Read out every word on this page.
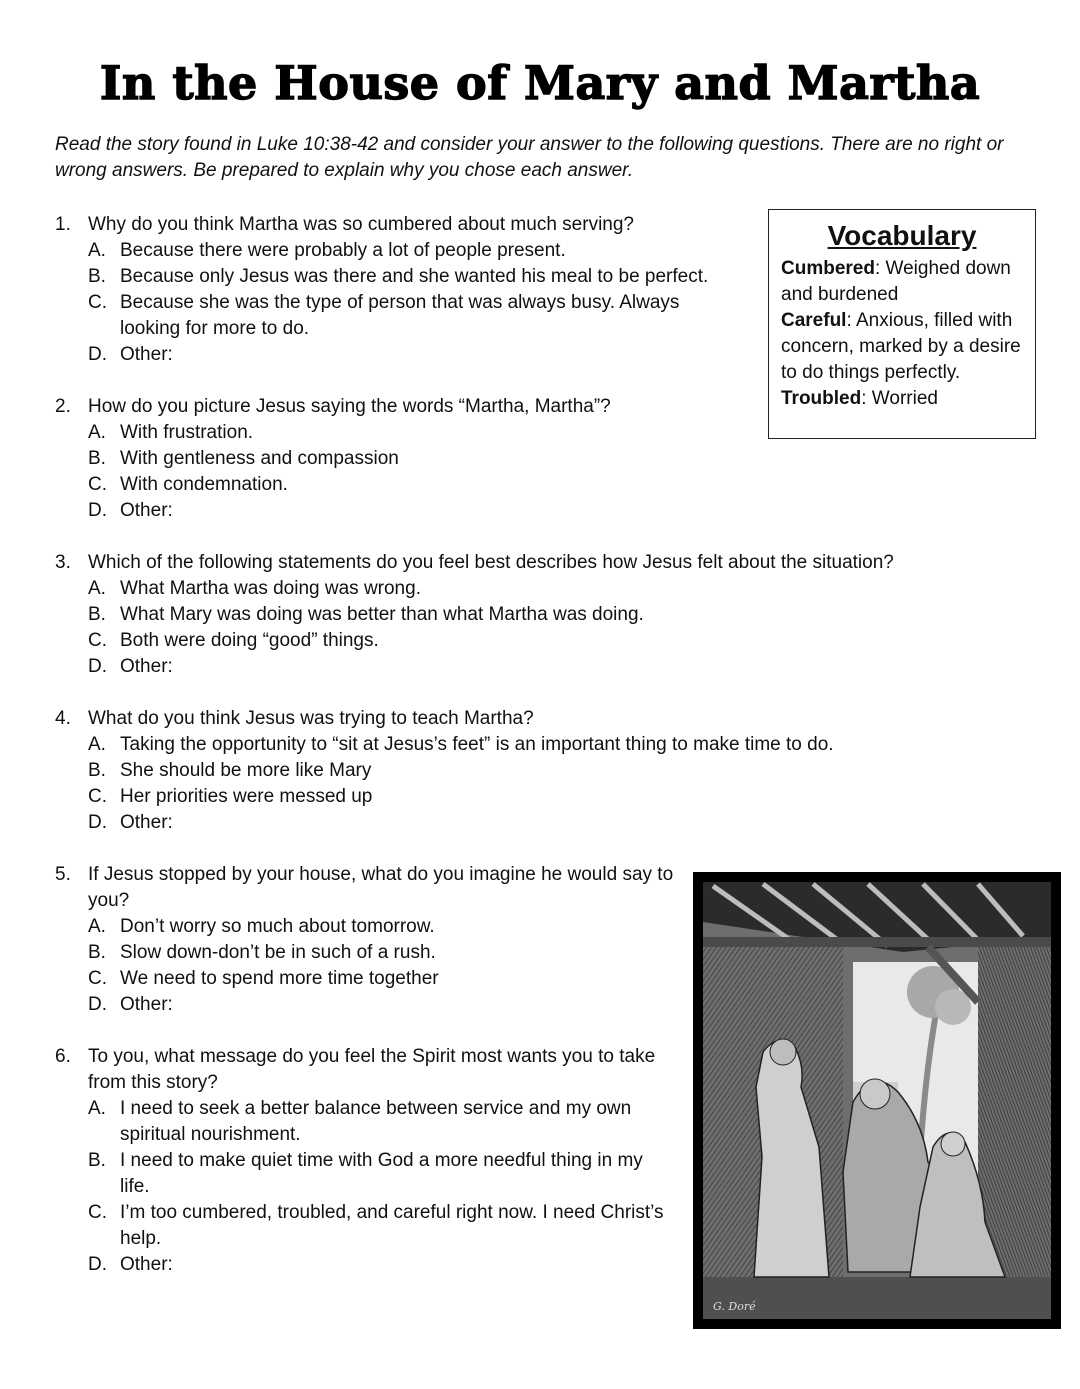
In the House of Mary and Martha
Read the story found in Luke 10:38-42 and consider your answer to the following questions. There are no right or wrong answers. Be prepared to explain why you chose each answer.
Vocabulary
Cumbered: Weighed down and burdened
Careful: Anxious, filled with concern, marked by a desire to do things perfectly.
Troubled: Worried
1. Why do you think Martha was so cumbered about much serving?
A. Because there were probably a lot of people present.
B. Because only Jesus was there and she wanted his meal to be perfect.
C. Because she was the type of person that was always busy. Always looking for more to do.
D. Other:
2. How do you picture Jesus saying the words “Martha, Martha”?
A. With frustration.
B. With gentleness and compassion
C. With condemnation.
D. Other:
3. Which of the following statements do you feel best describes how Jesus felt about the situation?
A. What Martha was doing was wrong.
B. What Mary was doing was better than what Martha was doing.
C. Both were doing “good” things.
D. Other:
4. What do you think Jesus was trying to teach Martha?
A. Taking the opportunity to “sit at Jesus’s feet” is an important thing to make time to do.
B. She should be more like Mary
C. Her priorities were messed up
D. Other:
5. If Jesus stopped by your house, what do you imagine he would say to you?
A. Don’t worry so much about tomorrow.
B. Slow down-don’t be in such of a rush.
C. We need to spend more time together
D. Other:
6. To you, what message do you feel the Spirit most wants you to take from this story?
A. I need to seek a better balance between service and my own spiritual nourishment.
B. I need to make quiet time with God a more needful thing in my life.
C. I’m too cumbered, troubled, and careful right now. I need Christ’s help.
D. Other:
G. Doré
